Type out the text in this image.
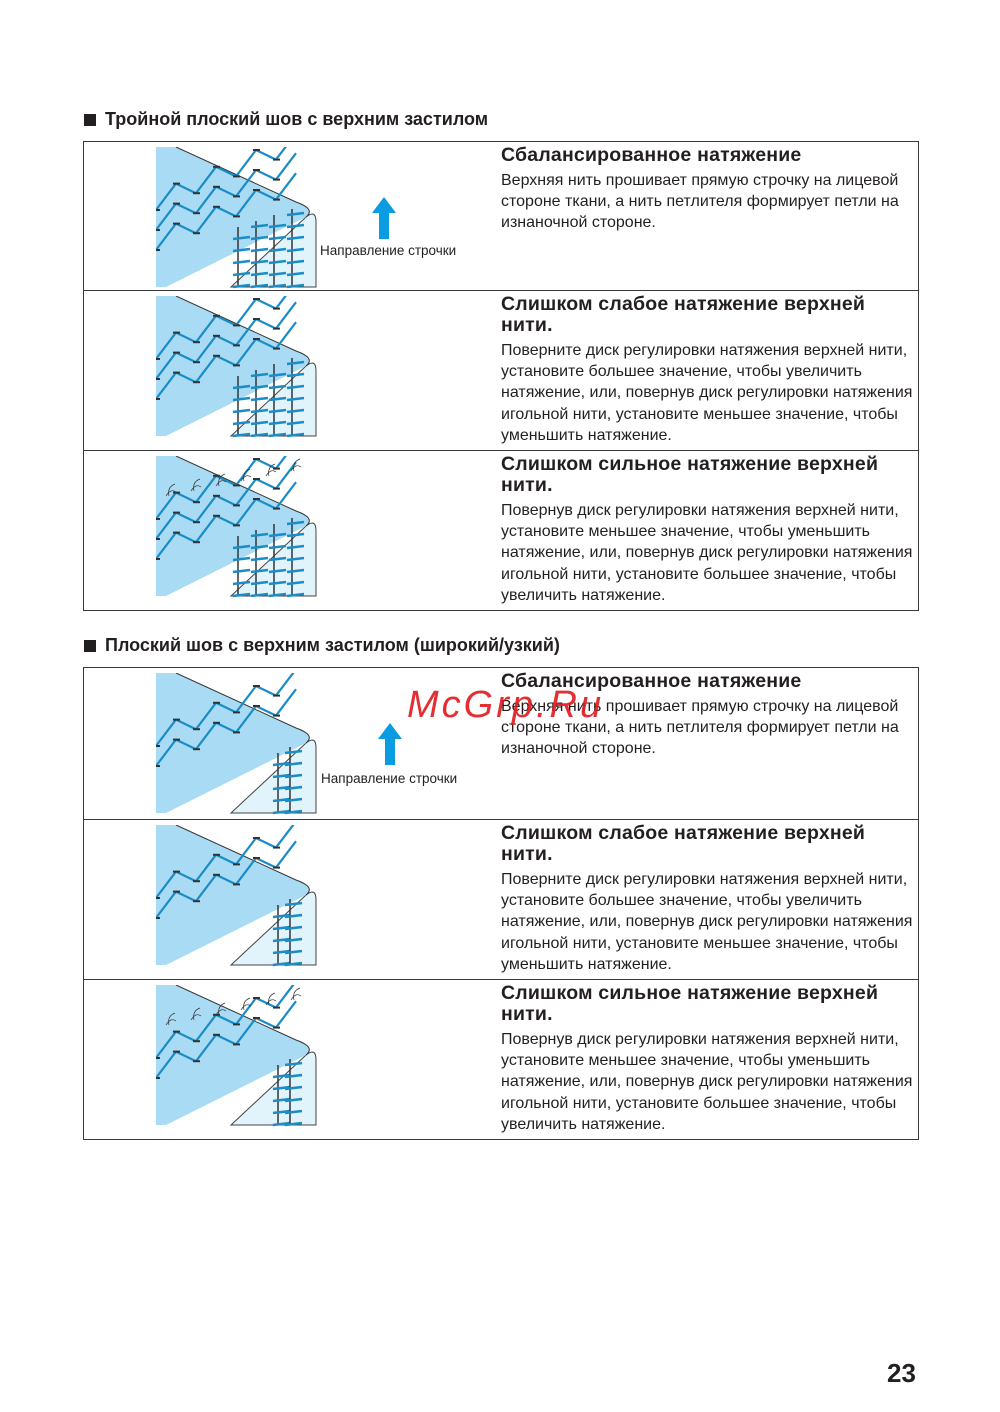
Тройной плоский шов с верхним застилом
Направление строчки
Сбалансированное натяжение
Верхняя нить прошивает прямую строчку на лицевой стороне ткани, а нить петлителя формирует петли на изнаночной стороне.
Слишком слабое натяжение верхней нити.
Поверните диск регулировки натяжения верхней нити, установите большее значение, чтобы увеличить натяжение, или, повернув диск регулировки натяжения игольной нити, установите меньшее значение, чтобы уменьшить натяжение.
Слишком сильное натяжение верхней нити.
Повернув диск регулировки натяжения верхней нити, установите меньшее значение, чтобы уменьшить натяжение, или, повернув диск регулировки натяжения игольной нити, установите большее значение, чтобы увеличить натяжение.
Плоский шов с верхним застилом (широкий/узкий)
Направление строчки
Сбалансированное натяжение
Верхняя нить прошивает прямую строчку на лицевой стороне ткани, а нить петлителя формирует петли на изнаночной стороне.
Слишком слабое натяжение верхней нити.
Поверните диск регулировки натяжения верхней нити, установите большее значение, чтобы увеличить натяжение, или, повернув диск регулировки натяжения игольной нити, установите меньшее значение, чтобы уменьшить натяжение.
Слишком сильное натяжение верхней нити.
Повернув диск регулировки натяжения верхней нити, установите меньшее значение, чтобы уменьшить натяжение, или, повернув диск регулировки натяжения игольной нити, установите большее значение, чтобы увеличить натяжение.
McGrp.Ru
23
